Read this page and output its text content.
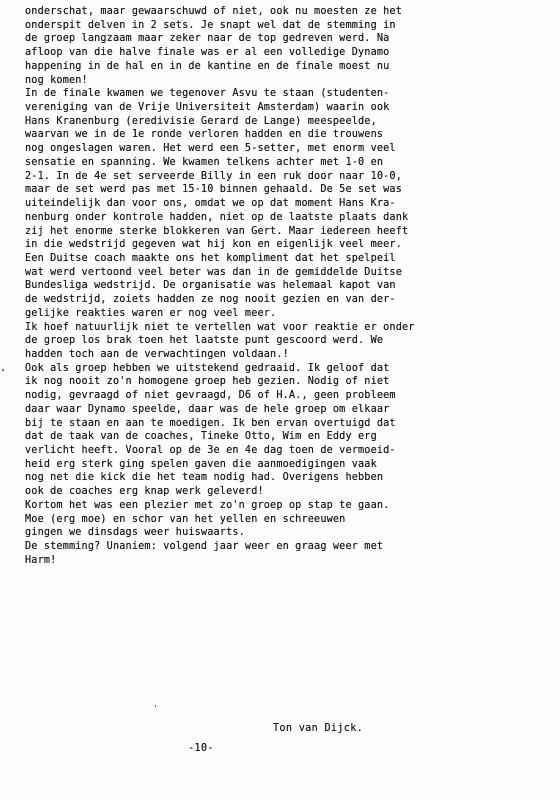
onderschat, maar gewaarschuwd of niet, ook nu moesten ze het
onderspit delven in 2 sets. Je snapt wel dat de stemming in
de groep langzaam maar zeker naar de top gedreven werd. Na
afloop van die halve finale was er al een volledige Dynamo
happening in de hal en in de kantine en de finale moest nu
nog komen!
In de finale kwamen we tegenover Asvu te staan (studenten-
vereniging van de Vrije Universiteit Amsterdam) waarin ook
Hans Kranenburg (eredivisie Gerard de Lange) meespeelde,
waarvan we in de 1e ronde verloren hadden en die trouwens
nog ongeslagen waren. Het werd een 5-setter, met enorm veel
sensatie en spanning. We kwamen telkens achter met 1-0 en
2-1. In de 4e set serveerde Billy in een ruk door naar 10-0,
maar de set werd pas met 15-10 binnen gehaald. De 5e set was
uiteindelijk dan voor ons, omdat we op dat moment Hans Kra-
nenburg onder kontrole hadden, niet op de laatste plaats dank
zij het enorme sterke blokkeren van Gert. Maar iedereen heeft
in die wedstrijd gegeven wat hij kon en eigenlijk veel meer.
Een Duitse coach maakte ons het kompliment dat het spelpeil
wat werd vertoond veel beter was dan in de gemiddelde Duitse
Bundesliga wedstrijd. De organisatie was helemaal kapot van
de wedstrijd, zoiets hadden ze nog nooit gezien en van der-
gelijke reakties waren er nog veel meer.
Ik hoef natuurlijk niet te vertellen wat voor reaktie er onder
de groep los brak toen het laatste punt gescoord werd. We
hadden toch aan de verwachtingen voldaan.!
Ook als groep hebben we uitstekend gedraaid. Ik geloof dat
ik nog nooit zo'n homogene groep heb gezien. Nodig of niet
nodig, gevraagd of niet gevraagd, D6 of H.A., geen probleem
daar waar Dynamo speelde, daar was de hele groep om elkaar
bij te staan en aan te moedigen. Ik ben ervan overtuigd dat
dat de taak van de coaches, Tineke Otto, Wim en Eddy erg
verlicht heeft. Vooral op de 3e en 4e dag toen de vermoeid-
heid erg sterk ging spelen gaven die aanmoedigingen vaak
nog net die kick die het team nodig had. Overigens hebben
ook de coaches erg knap werk geleverd!
Kortom het was een plezier met zo'n groep op stap te gaan.
Moe (erg moe) en schor van het yellen en schreeuwen
gingen we dinsdags weer huiswaarts.
De stemming? Unaniem: volgend jaar weer en graag weer met
Harm!
Ton van Dijck.
-10-
